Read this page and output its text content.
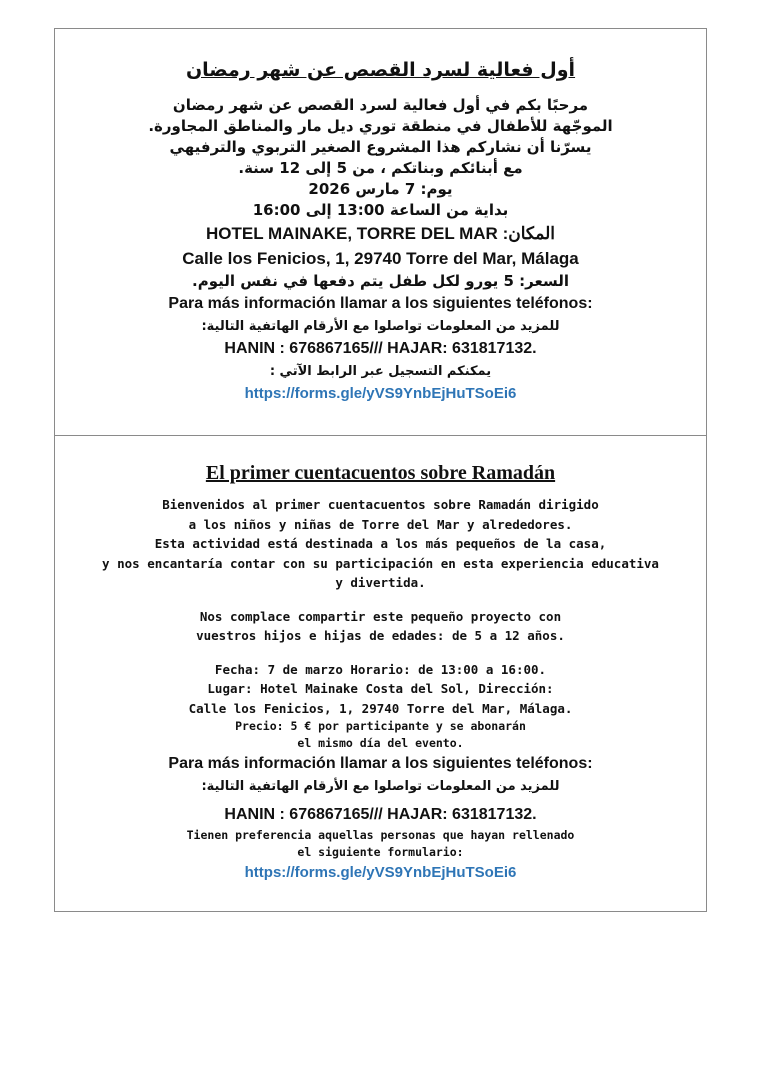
أول فعالية لسرد القصص عن شهر رمضان
مرحبًا بكم في أول فعالية لسرد القصص عن شهر رمضان
الموجّهة للأطفال في منطقة توري ديل مار والمناطق المجاورة.
يسرّنا أن نشاركم هذا المشروع الصغير التربوي والترفيهي
مع أبنائكم وبناتكم ، من 5 إلى 12 سنة.
يوم: 7 مارس 2026
بداية من الساعة 13:00 إلى 16:00
المكان: HOTEL MAINAKE, TORRE DEL MAR
Calle los Fenicios, 1, 29740 Torre del Mar, Málaga
السعر: 5 يورو لكل طفل يتم دفعها في نفس اليوم.
Para más información llamar a los siguientes teléfonos:
للمزيد من المعلومات تواصلوا مع الأرقام الهاتفية التالية:
HANIN : 676867165/// HAJAR: 631817132.
يمكنكم التسجيل عبر الرابط الآتي :
https://forms.gle/yVS9YnbEjHuTSoEi6
El primer cuentacuentos sobre Ramadán
Bienvenidos al primer cuentacuentos sobre Ramadán dirigido
a los niños y niñas de Torre del Mar y alrededores.
Esta actividad está destinada a los más pequeños de la casa,
y nos encantaría contar con su participación en esta experiencia educativa
y divertida.
Nos complace compartir este pequeño proyecto con
vuestros hijos e hijas de edades: de 5 a 12 años.
Fecha: 7 de marzo Horario: de 13:00 a 16:00.
Lugar: Hotel Mainake Costa del Sol, Dirección:
Calle los Fenicios, 1, 29740 Torre del Mar, Málaga.
Precio: 5 € por participante y se abonarán
el mismo día del evento.
Para más información llamar a los siguientes teléfonos:
للمزيد من المعلومات تواصلوا مع الأرقام الهاتفية التالية:
HANIN : 676867165/// HAJAR: 631817132.
Tienen preferencia aquellas personas que hayan rellenado
el siguiente formulario:
https://forms.gle/yVS9YnbEjHuTSoEi6
